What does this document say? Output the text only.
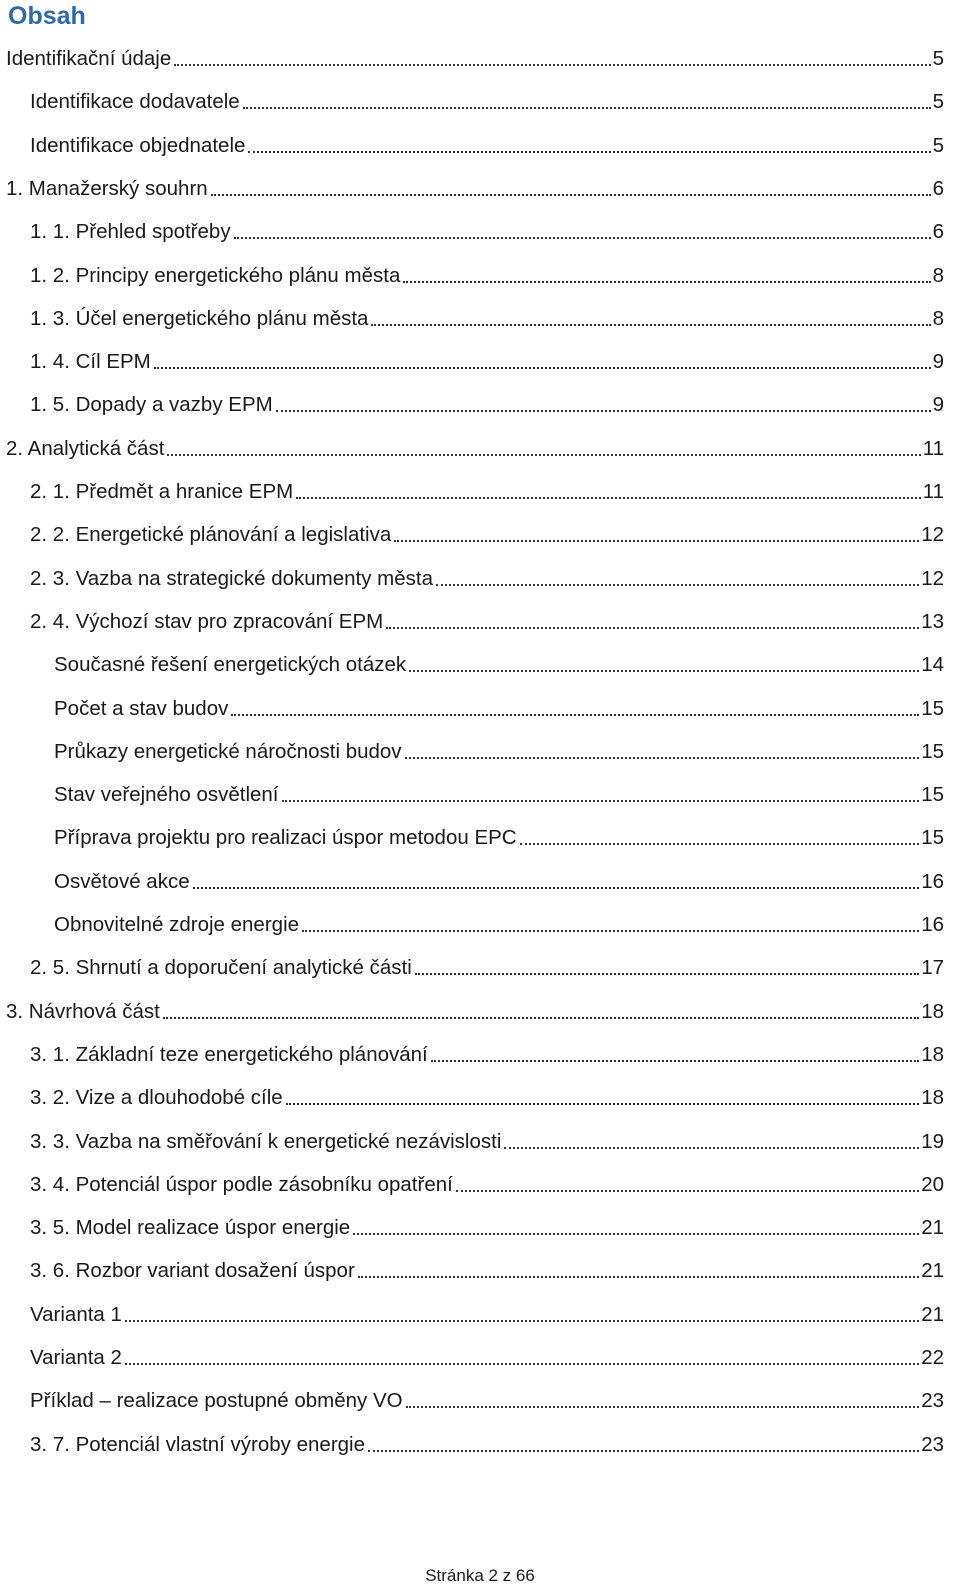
Obsah
Identifikační údaje	5
Identifikace dodavatele	5
Identifikace objednatele	5
1. Manažerský souhrn	6
1. 1. Přehled spotřeby	6
1. 2. Principy energetického plánu města	8
1. 3. Účel energetického plánu města	8
1. 4. Cíl EPM	9
1. 5. Dopady a vazby EPM	9
2. Analytická část	11
2. 1. Předmět a hranice EPM	11
2. 2. Energetické plánování a legislativa	12
2. 3. Vazba na strategické dokumenty města	12
2. 4. Výchozí stav pro zpracování EPM	13
Současné řešení energetických otázek	14
Počet a stav budov	15
Průkazy energetické náročnosti budov	15
Stav veřejného osvětlení	15
Příprava projektu pro realizaci úspor metodou EPC	15
Osvětové akce	16
Obnovitelné zdroje energie	16
2. 5. Shrnutí a doporučení analytické části	17
3. Návrhová část	18
3. 1. Základní teze energetického plánování	18
3. 2. Vize a dlouhodobé cíle	18
3. 3. Vazba na směřování k energetické nezávislosti	19
3. 4. Potenciál úspor podle zásobníku opatření	20
3. 5. Model realizace úspor energie	21
3. 6. Rozbor variant dosažení úspor	21
Varianta 1	21
Varianta 2	22
Příklad – realizace postupné obměny VO	23
3. 7. Potenciál vlastní výroby energie	23
Stránka 2 z 66
